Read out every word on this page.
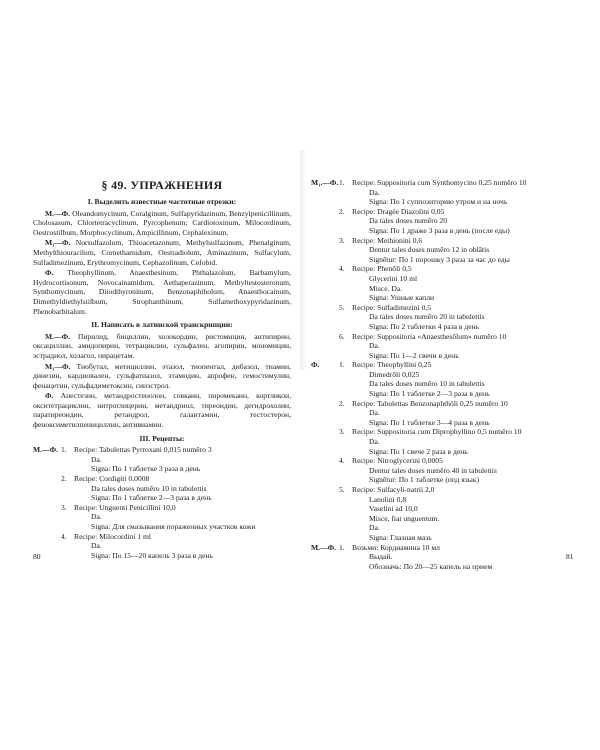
§ 49. УПРАЖНЕНИЯ
I. Выделить известные частотные отрезки:
М.—Ф. Oleandomycinum, Coralginum, Sulfapyridazinum, Benzylpenicillinum, Cholosasum, Chlortetracyclinum, Pyrcophenum; Cardiotoxinum, Milocordinum, Oestrostilbum, Morphocyclinum, Ampicillinum, Cephalexinum.
М₁—Ф. Norsulfazolum, Thioacetazonum, Methylsulfazinum, Phenalginum, Methylthiouracilum, Cornethamidum, Oestradiolum, Aminazinum, Sulfacylum, Sulfadimezinum, Erythromycinum, Cephazolinum, Cefobid.
Ф. Theophyllinum, Anaesthesinum, Phthalazolum, Barbamylum, Hydrocortisonum, Novocainamidum, Aethaperazinum, Methyltestosteronum, Synthomycinum, Diiodthyroninum, Benzonaphtholum, Anaesthocainum, Dimethyldiethylstilbum, Strophanthinum, Sulfamethoxypyridazinum, Phenobarbitalum.
II. Написать в латинской транскрипции:
М.—Ф. Пирилид, бициллин, холокордин, ристомицин, антипирин, оксациллин, амидопирин, тетрациклин, сульфален, агопирин, мономицин, эстрадиол, холагол, пирацетам.
М₁—Ф. Тиобутал, метициллин, этазол, тиопентал, дибазол, тиамин, динезин, кардиовален, сульфатиазол, этамидин, апрофен, гемостимулин, фенацетин, сульфадиметоксин, синэстрол.
Ф. Анестезин, метандростенолон, совкаин, пиромекаин, кортликон, окситетрациклин, нитроглицерин, метандриол, тиреоидин, дегидрохолин, паратиреоидин, ретандрол, галантамин, тестостерон, феноксиметилпенициллин, антивиамин.
III. Рецепты:
М.—Ф. 1. Recipe: Tabulettas Pyrroxani 0,015 numĕro 3
Da.
Signa: По 1 таблетке 3 раза в день
2. Recipe: Cordigiti 0,0008
Da tales doses numĕro 10 in tabulettis
Signa: По 1 таблетке 2—3 раза в день
3. Recipe: Unguenti Penicillini 10,0
Da.
Signa: Для смазывания пораженных участков кожи
4. Recipe: Milocordini 1 ml
Da.
Signa: По 15—20 капель 3 раза в день
80
М₁.—Ф. 1. Recipe: Suppositoria cum Synthomycino 0,25 numĕro 10
Da.
Signa: По 1 суппозиторию утром и на ночь
2. Recipe: Dragée Diazolini 0,05
Da tales doses numĕro 20
Signa: По 1 драже 3 раза в день (после еды)
3. Recipe: Methionini 0,6
Dentur tales doses numĕro 12 in oblātis
Signētur: По 1 порошку 3 раза за час до еды
4. Recipe: Phenōli 0,5
Glycerini 10 ml
Misce. Da.
Signa: Ушные капли
5. Recipe: Sulfadimezini 0,5
Da tales doses numĕro 20 in tabulettis
Signa: По 2 таблетки 4 раза в день
6. Recipe: Suppositoria «Anaesthesōlum» numĕro 10
Da.
Signa: По 1—2 свечи в день
Ф.	1. Recipe: Theophyllini 0,25
Dimedrōli 0,025
Da tales doses numĕro 10 in tabulettis
Signa: По 1 таблетке 2—3 раза в день
2. Recipe: Tabulettas Benzonaphthōli 0,25 numĕro 10
Da.
Signa: По 1 таблетке 3—4 раза в день
3. Recipe: Suppositoria cum Diprophyllino 0,5 numĕro 10
Da.
Signa: По 1 свече 2 раза в день
4. Recipe: Nitroglycerini 0,0005
Dentur tales doses numĕro 40 in tabulettis
Signētur: По 1 таблетке (под язык)
5. Recipe: Sulfacyli-natrii 2,0
Lanolini 0,8
Vaselini ad 10,0
Misce, fiat unguentum.
Da.
Signa: Глазная мазь
М.—Ф. 1. Возьми: Кордиамина 10 мл
Выдай.
Обозначь: По 20—25 капель на прием
81
